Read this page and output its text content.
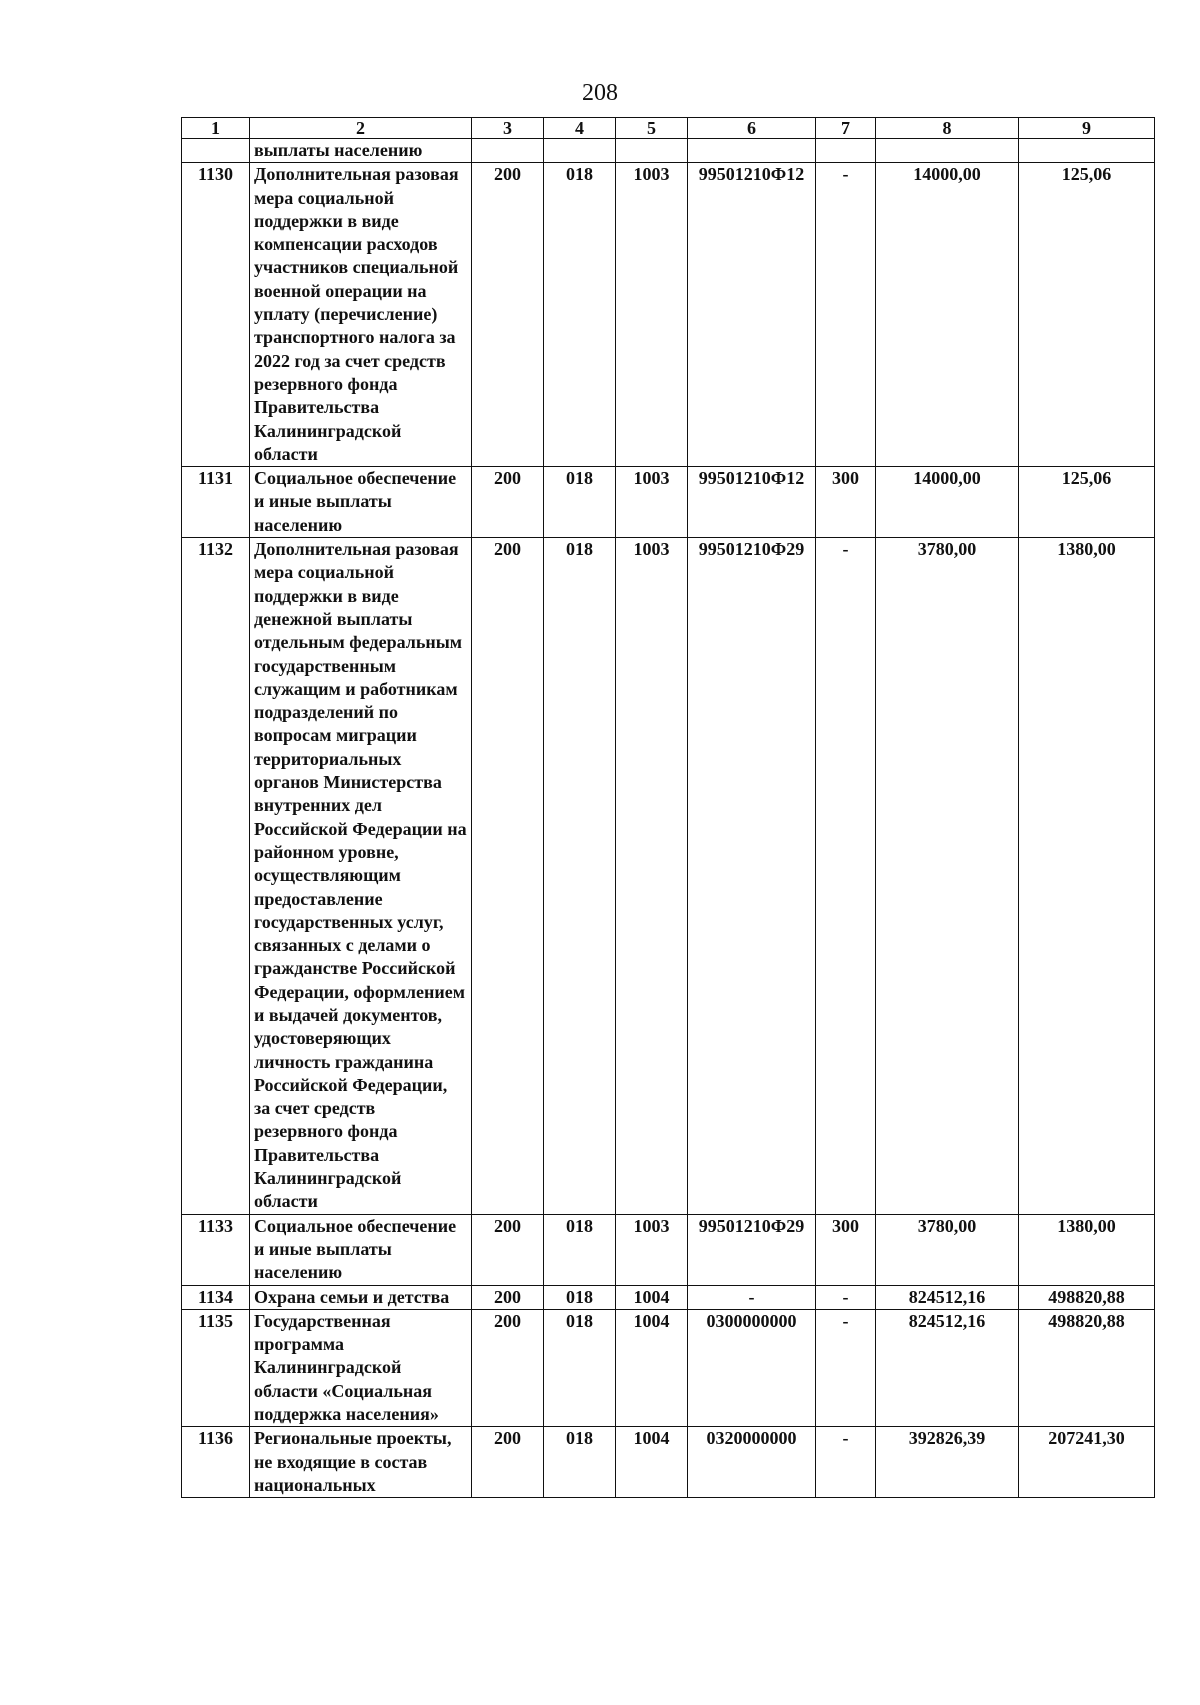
208
1	2	3	4	5	6	7	8	9
	выплаты населению							
1130	Дополнительная разовая мера социальной поддержки в виде компенсации расходов участников специальной военной операции на уплату (перечисление) транспортного налога за 2022 год за счет средств резервного фонда Правительства Калининградской области	200	018	1003	99501210Ф12	-	14000,00	125,06
1131	Социальное обеспечение и иные выплаты населению	200	018	1003	99501210Ф12	300	14000,00	125,06
1132	Дополнительная разовая мера социальной поддержки в виде денежной выплаты отдельным федеральным государственным служащим и работникам подразделений по вопросам миграции территориальных органов Министерства внутренних дел Российской Федерации на районном уровне, осуществляющим предоставление государственных услуг, связанных с делами о гражданстве Российской Федерации, оформлением и выдачей документов, удостоверяющих личность гражданина Российской Федерации, за счет средств резервного фонда Правительства Калининградской области	200	018	1003	99501210Ф29	-	3780,00	1380,00
1133	Социальное обеспечение и иные выплаты населению	200	018	1003	99501210Ф29	300	3780,00	1380,00
1134	Охрана семьи и детства	200	018	1004	-	-	824512,16	498820,88
1135	Государственная программа Калининградской области «Социальная поддержка населения»	200	018	1004	0300000000	-	824512,16	498820,88
1136	Региональные проекты, не входящие в состав национальных	200	018	1004	0320000000	-	392826,39	207241,30
